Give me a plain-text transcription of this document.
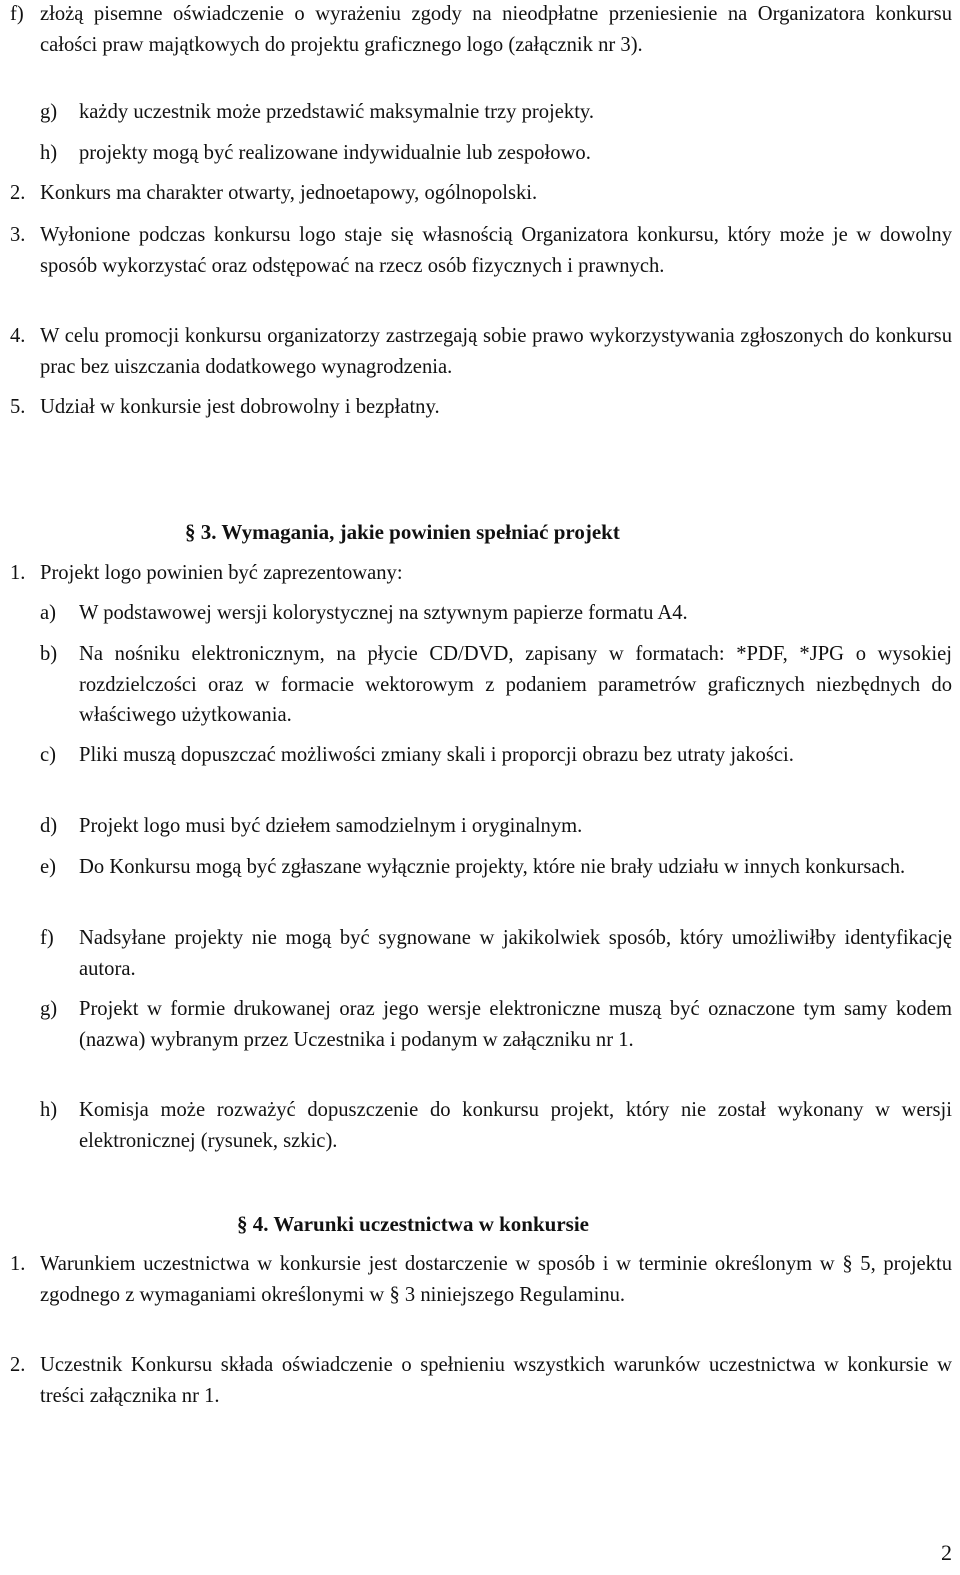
f) złożą pisemne oświadczenie o wyrażeniu zgody na nieodpłatne przeniesienie na Organizatora konkursu całości praw majątkowych do projektu graficznego logo (załącznik nr 3).
g) każdy uczestnik może przedstawić maksymalnie trzy projekty.
h) projekty mogą być realizowane indywidualnie lub zespołowo.
2. Konkurs ma charakter otwarty, jednoetapowy, ogólnopolski.
3. Wyłonione podczas konkursu logo staje się własnością Organizatora konkursu, który może je w dowolny sposób wykorzystać oraz odstępować na rzecz osób fizycznych i prawnych.
4. W celu promocji konkursu organizatorzy zastrzegają sobie prawo wykorzystywania zgłoszonych do konkursu prac bez uiszczania dodatkowego wynagrodzenia.
5. Udział w konkursie jest dobrowolny i bezpłatny.
§ 3. Wymagania, jakie powinien spełniać projekt
1. Projekt logo powinien być zaprezentowany:
a) W podstawowej wersji kolorystycznej na sztywnym papierze formatu A4.
b) Na nośniku elektronicznym, na płycie CD/DVD, zapisany w formatach: *PDF, *JPG o wysokiej rozdzielczości oraz w formacie wektorowym z podaniem parametrów graficznych niezbędnych do właściwego użytkowania.
c) Pliki muszą dopuszczać możliwości zmiany skali i proporcji obrazu bez utraty jakości.
d) Projekt logo musi być dziełem samodzielnym i oryginalnym.
e) Do Konkursu mogą być zgłaszane wyłącznie projekty, które nie brały udziału w innych konkursach.
f) Nadsyłane projekty nie mogą być sygnowane w jakikolwiek sposób, który umożliwiłby identyfikację autora.
g) Projekt w formie drukowanej oraz jego wersje elektroniczne muszą być oznaczone tym samy kodem (nazwa) wybranym przez Uczestnika i podanym w załączniku nr 1.
h) Komisja może rozważyć dopuszczenie do konkursu projekt, który nie został wykonany w wersji elektronicznej (rysunek, szkic).
§ 4. Warunki uczestnictwa w konkursie
1. Warunkiem uczestnictwa w konkursie jest dostarczenie w sposób i w terminie określonym w § 5, projektu zgodnego z wymaganiami określonymi w § 3 niniejszego Regulaminu.
2. Uczestnik Konkursu składa oświadczenie o spełnieniu wszystkich warunków uczestnictwa w konkursie w treści załącznika nr 1.
2
